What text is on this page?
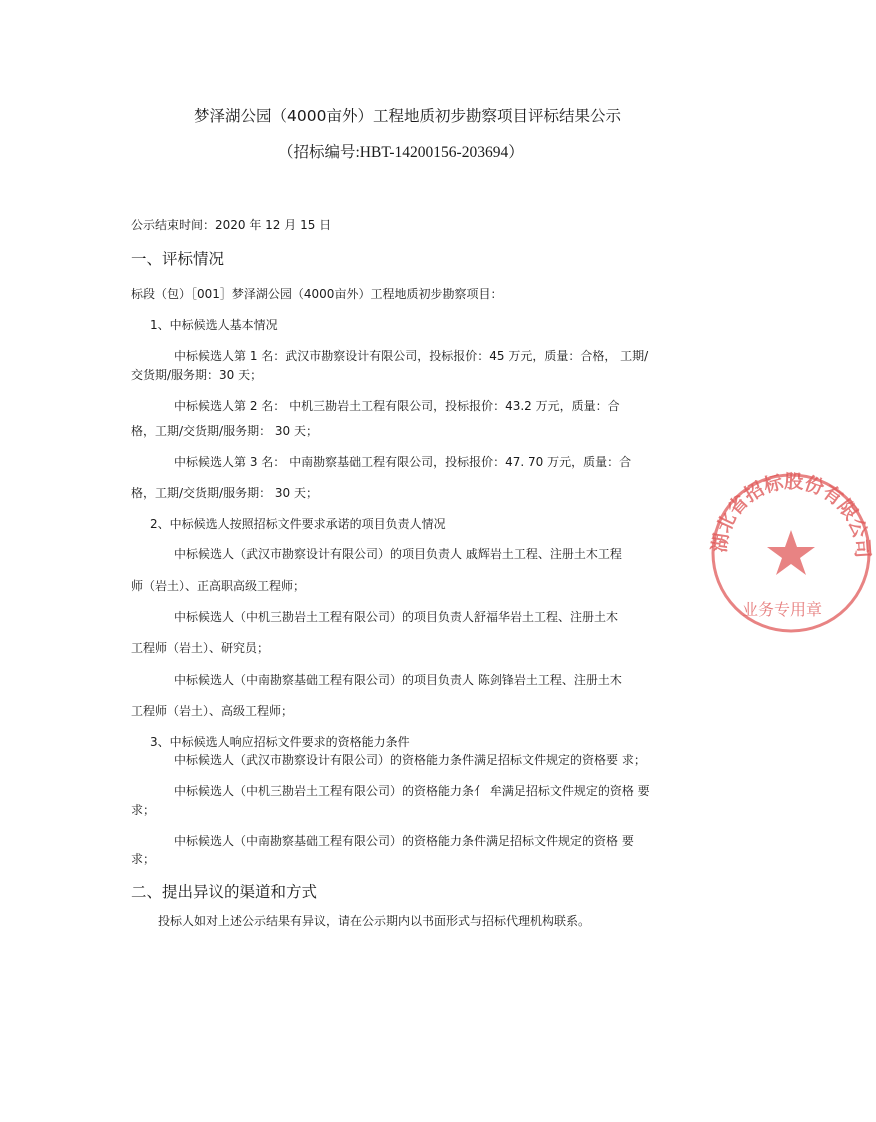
梦泽湖公园（4000亩外）工程地质初步勘察项目评标结果公示
（招标编号:HBT-14200156-203694）
公示结束时间：2020 年 12 月 15 日
一、评标情况
标段（包）［001］梦泽湖公园（4000亩外）工程地质初步勘察项目：
1、中标候选人基本情况
中标候选人第 1 名：武汉市勘察设计有限公司，投标报价：45 万元，质量：合格， 工期/
交货期/服务期：30 天；
中标候选人第 2 名： 中机三勘岩土工程有限公司，投标报价：43.2 万元，质量：合
格，工期/交货期/服务期： 30 天；
中标候选人第 3 名： 中南勘察基础工程有限公司，投标报价：47. 70 万元，质量：合
格，工期/交货期/服务期： 30 天；
2、中标候选人按照招标文件要求承诺的项目负责人情况
中标候选人（武汉市勘察设计有限公司）的项目负责人 戚辉岩土工程、注册土木工程
师（岩土）、正高职高级工程师；
中标候选人（中机三勘岩土工程有限公司）的项目负责人舒福华岩土工程、注册土木
工程师（岩土）、研究员；
中标候选人（中南勘察基础工程有限公司）的项目负责人 陈剑锋岩土工程、注册土木
工程师（岩土）、高级工程师；
3、中标候选人响应招标文件要求的资格能力条件
中标候选人（武汉市勘察设计有限公司）的资格能力条件满足招标文件规定的资格要 求；
中标候选人（中机三勘岩土工程有限公司）的资格能力条亻 牟满足招标文件规定的资格 要
求；
中标候选人（中南勘察基础工程有限公司）的资格能力条件满足招标文件规定的资格 要
求；
二、提出异议的渠道和方式
投标人如对上述公示结果有异议，请在公示期内以书面形式与招标代理机构联系。
湖北省招标股份有限公司
业务专用章
